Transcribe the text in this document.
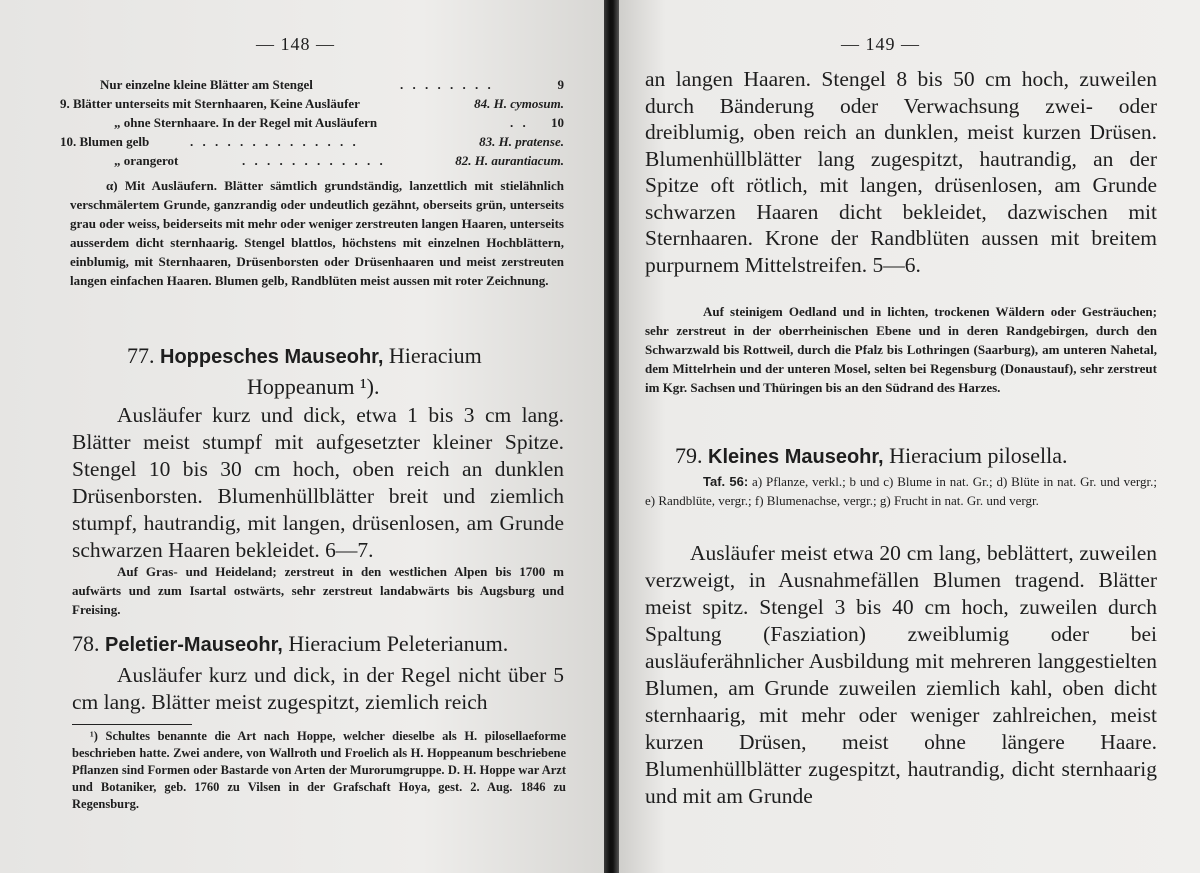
— 148 —
Nur einzelne kleine Blätter am Stengel	. . . . . . . .	9
9. Blätter unterseits mit Sternhaaren, Keine Ausläufer	84. H. cymosum.
„ ohne Sternhaare. In der Regel mit Ausläufern	. . 10
10. Blumen gelb	. . . . . . . . . . . . . .	83. H. pratense.
„ orangerot	. . . . . . . . . . . .	82. H. aurantiacum.

α) Mit Ausläufern. Blätter sämtlich grundständig, lanzettlich mit stielähnlich verschmälertem Grunde, ganzrandig oder undeutlich gezähnt, oberseits grün, unterseits grau oder weiss, beiderseits mit mehr oder weniger zerstreuten langen Haaren, unterseits ausserdem dicht sternhaarig. Stengel blattlos, höchstens mit einzelnen Hochblättern, einblumig, mit Sternhaaren, Drüsenborsten oder Drüsenhaaren und meist zerstreuten langen einfachen Haaren. Blumen gelb, Randblüten meist aussen mit roter Zeichnung.

77. Hoppesches Mauseohr, Hieracium
Hoppeanum ¹).

Ausläufer kurz und dick, etwa 1 bis 3 cm lang. Blätter meist stumpf mit aufgesetzter kleiner Spitze. Stengel 10 bis 30 cm hoch, oben reich an dunklen Drüsenborsten. Blumenhüllblätter breit und ziemlich stumpf, hautrandig, mit langen, drüsenlosen, am Grunde schwarzen Haaren bekleidet. 6—7.

Auf Gras- und Heideland; zerstreut in den westlichen Alpen bis 1700 m aufwärts und zum Isartal ostwärts, sehr zerstreut landabwärts bis Augsburg und Freising.

78. Peletier-Mauseohr, Hieracium Peleterianum.

Ausläufer kurz und dick, in der Regel nicht über 5 cm lang. Blätter meist zugespitzt, ziemlich reich

¹) Schultes benannte die Art nach Hoppe, welcher dieselbe als H. pilosellaeforme beschrieben hatte. Zwei andere, von Wallroth und Froelich als H. Hoppeanum beschriebene Pflanzen sind Formen oder Bastarde von Arten der Murorumgruppe. D. H. Hoppe war Arzt und Botaniker, geb. 1760 zu Vilsen in der Grafschaft Hoya, gest. 2. Aug. 1846 zu Regensburg.

— 149 —

an langen Haaren. Stengel 8 bis 50 cm hoch, zuweilen durch Bänderung oder Verwachsung zwei- oder dreiblumig, oben reich an dunklen, meist kurzen Drüsen. Blumenhüllblätter lang zugespitzt, hautrandig, an der Spitze oft rötlich, mit langen, drüsenlosen, am Grunde schwarzen Haaren dicht bekleidet, dazwischen mit Sternhaaren. Krone der Randblüten aussen mit breitem purpurnem Mittelstreifen. 5—6.

Auf steinigem Oedland und in lichten, trockenen Wäldern oder Gesträuchen; sehr zerstreut in der oberrheinischen Ebene und in deren Randgebirgen, durch den Schwarzwald bis Rottweil, durch die Pfalz bis Lothringen (Saarburg), am unteren Nahetal, dem Mittelrhein und der unteren Mosel, selten bei Regensburg (Donaustauf), sehr zerstreut im Kgr. Sachsen und Thüringen bis an den Südrand des Harzes.

79. Kleines Mauseohr, Hieracium pilosella.

Taf. 56: a) Pflanze, verkl.; b und c) Blume in nat. Gr.; d) Blüte in nat. Gr. und vergr.; e) Randblüte, vergr.; f) Blumenachse, vergr.; g) Frucht in nat. Gr. und vergr.

Ausläufer meist etwa 20 cm lang, beblättert, zuweilen verzweigt, in Ausnahmefällen Blumen tragend. Blätter meist spitz. Stengel 3 bis 40 cm hoch, zuweilen durch Spaltung (Fasziation) zweiblumig oder bei ausläuferähnlicher Ausbildung mit mehreren langgestielten Blumen, am Grunde zuweilen ziemlich kahl, oben dicht sternhaarig, mit mehr oder weniger zahlreichen, meist kurzen Drüsen, meist ohne längere Haare. Blumenhüllblätter zugespitzt, hautrandig, dicht sternhaarig und mit am Grunde
